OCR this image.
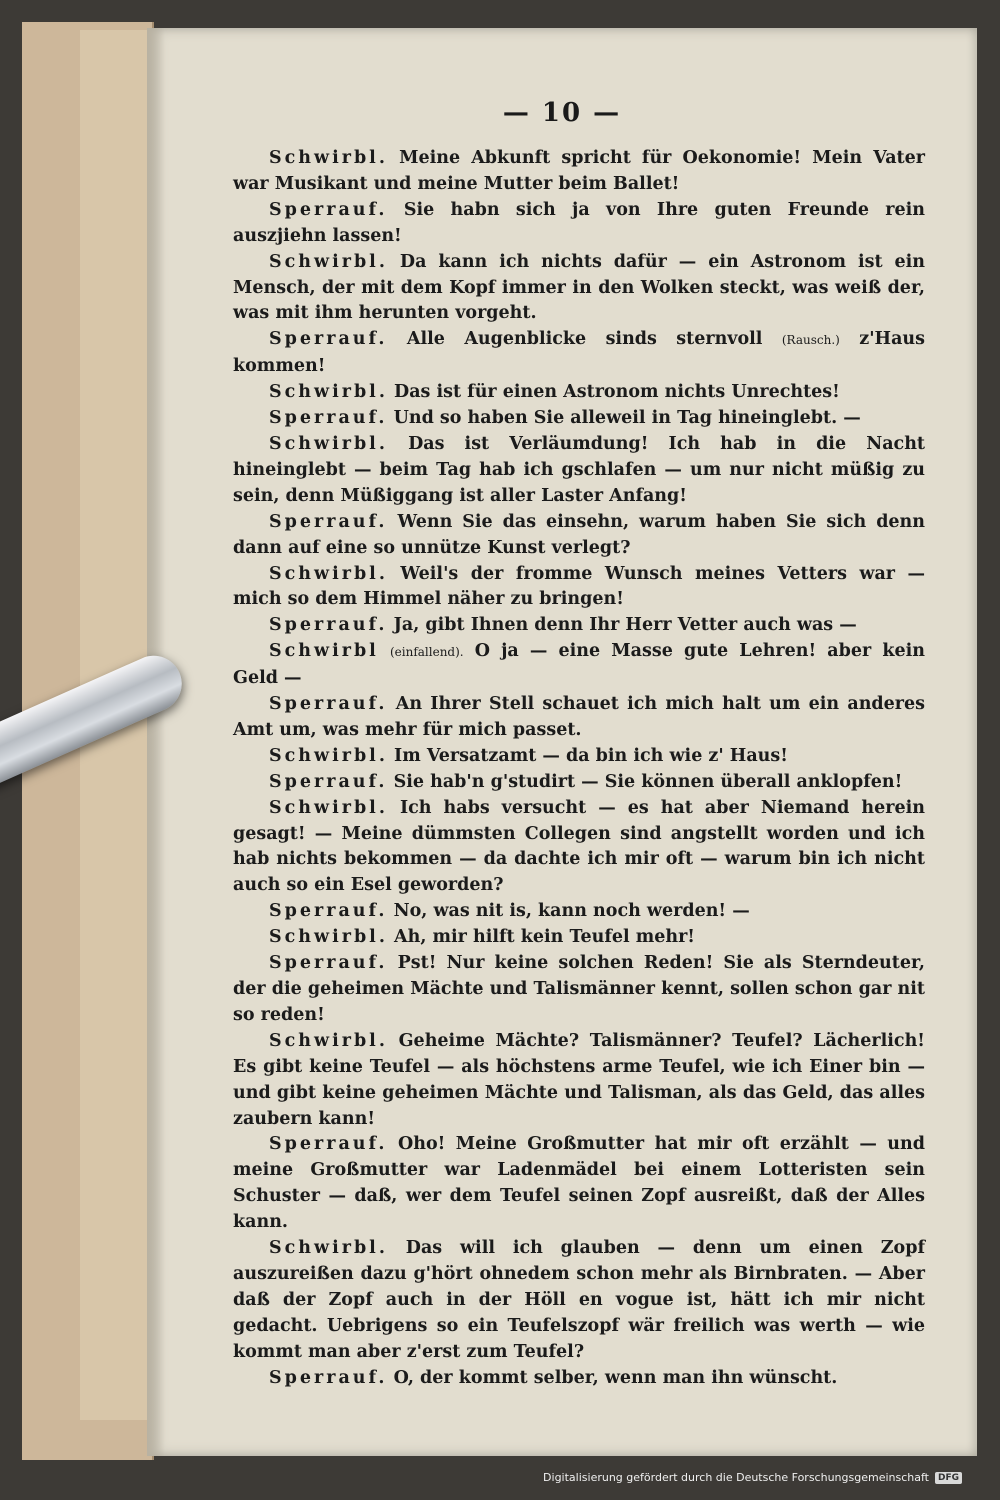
— 10 —

Schwirbl. Meine Abkunft spricht für Oekonomie! Mein Vater war Musikant und meine Mutter beim Ballet!

Sperrauf. Sie habn sich ja von Ihre guten Freunde rein auszjiehn lassen!

Schwirbl. Da kann ich nichts dafür — ein Astronom ist ein Mensch, der mit dem Kopf immer in den Wolken steckt, was weiß der, was mit ihm herunten vorgeht.

Sperrauf. Alle Augenblicke sinds sternvoll (Rausch.) z'Haus kommen!

Schwirbl. Das ist für einen Astronom nichts Unrechtes!

Sperrauf. Und so haben Sie alleweil in Tag hineinglebt. —

Schwirbl. Das ist Verläumdung! Ich hab in die Nacht hineinglebt — beim Tag hab ich gschlafen — um nur nicht müßig zu sein, denn Müßiggang ist aller Laster Anfang!

Sperrauf. Wenn Sie das einsehn, warum haben Sie sich denn dann auf eine so unnütze Kunst verlegt?

Schwirbl. Weil's der fromme Wunsch meines Vetters war — mich so dem Himmel näher zu bringen!

Sperrauf. Ja, gibt Ihnen denn Ihr Herr Vetter auch was —

Schwirbl (einfallend). O ja — eine Masse gute Lehren! aber kein Geld —

Sperrauf. An Ihrer Stell schauet ich mich halt um ein anderes Amt um, was mehr für mich passet.

Schwirbl. Im Versatzamt — da bin ich wie z' Haus!

Sperrauf. Sie hab'n g'studirt — Sie können überall anklopfen!

Schwirbl. Ich habs versucht — es hat aber Niemand herein gesagt! — Meine dümmsten Collegen sind angstellt worden und ich hab nichts bekommen — da dachte ich mir oft — warum bin ich nicht auch so ein Esel geworden?

Sperrauf. No, was nit is, kann noch werden! —

Schwirbl. Ah, mir hilft kein Teufel mehr!

Sperrauf. Pst! Nur keine solchen Reden! Sie als Sterndeuter, der die geheimen Mächte und Talismänner kennt, sollen schon gar nit so reden!

Schwirbl. Geheime Mächte? Talismänner? Teufel? Lächerlich! Es gibt keine Teufel — als höchstens arme Teufel, wie ich Einer bin — und gibt keine geheimen Mächte und Talisman, als das Geld, das alles zaubern kann!

Sperrauf. Oho! Meine Großmutter hat mir oft erzählt — und meine Großmutter war Ladenmädel bei einem Lotteristen sein Schuster — daß, wer dem Teufel seinen Zopf ausreißt, daß der Alles kann.

Schwirbl. Das will ich glauben — denn um einen Zopf auszureißen dazu g'hört ohnedem schon mehr als Birnbraten. — Aber daß der Zopf auch in der Höll en vogue ist, hätt ich mir nicht gedacht. Uebrigens so ein Teufelszopf wär freilich was werth — wie kommt man aber z'erst zum Teufel?

Sperrauf. O, der kommt selber, wenn man ihn wünscht.

Digitalisierung gefördert durch die Deutsche Forschungsgemeinschaft	DFG
